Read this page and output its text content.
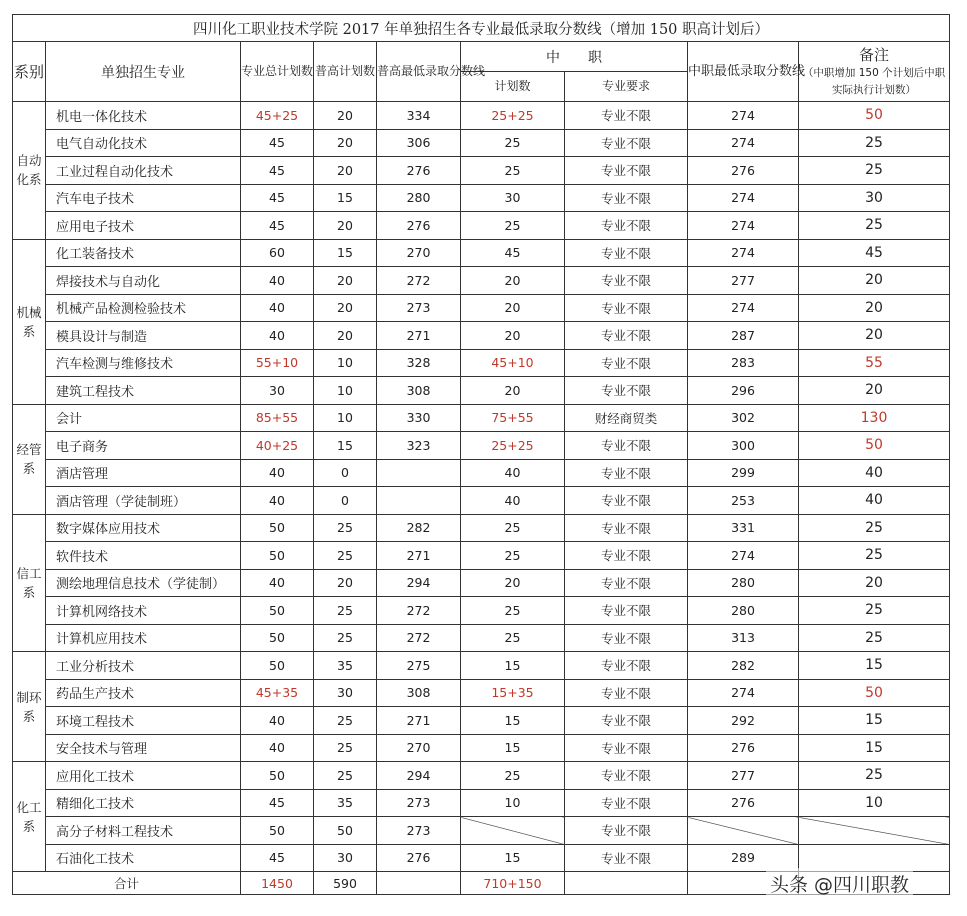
四川化工职业技术学院 2017 年单独招生各专业最低录取分数线（增加 150 职高计划后）								
系别	单独招生专业	专业总计划数	普高计划数	普高最低录取分数线	中　　职		中职最低录取分数线	备注
（中职增加 150 个计划后中职实际执行计划数）

					计划数	专业要求		
自动化系	机电一体化技术	45+25	20	334	25+25	专业不限	274	50
	电气自动化技术	45	20	306	25	专业不限	274	25
	工业过程自动化技术	45	20	276	25	专业不限	276	25
	汽车电子技术	45	15	280	30	专业不限	274	30
	应用电子技术	45	20	276	25	专业不限	274	25
机械系	化工装备技术	60	15	270	45	专业不限	274	45
	焊接技术与自动化	40	20	272	20	专业不限	277	20
	机械产品检测检验技术	40	20	273	20	专业不限	274	20
	模具设计与制造	40	20	271	20	专业不限	287	20
	汽车检测与维修技术	55+10	10	328	45+10	专业不限	283	55
	建筑工程技术	30	10	308	20	专业不限	296	20
经管系	会计	85+55	10	330	75+55	财经商贸类	302	130
	电子商务	40+25	15	323	25+25	专业不限	300	50
	酒店管理	40	0		40	专业不限	299	40
	酒店管理（学徒制班）	40	0		40	专业不限	253	40
信工系	数字媒体应用技术	50	25	282	25	专业不限	331	25
	软件技术	50	25	271	25	专业不限	274	25
	测绘地理信息技术（学徒制）	40	20	294	20	专业不限	280	20
	计算机网络技术	50	25	272	25	专业不限	280	25
	计算机应用技术	50	25	272	25	专业不限	313	25
制环系	工业分析技术	50	35	275	15	专业不限	282	15
	药品生产技术	45+35	30	308	15+35	专业不限	274	50
	环境工程技术	40	25	271	15	专业不限	292	15
	安全技术与管理	40	25	270	15	专业不限	276	15
化工系	应用化工技术	50	25	294	25	专业不限	277	25
	精细化工技术	45	35	273	10	专业不限	276	10
	高分子材料工程技术	50	50	273		专业不限		
	石油化工技术	45	30	276	15	专业不限	289	
合计		1450	590		710+150				头条 @四川职教
